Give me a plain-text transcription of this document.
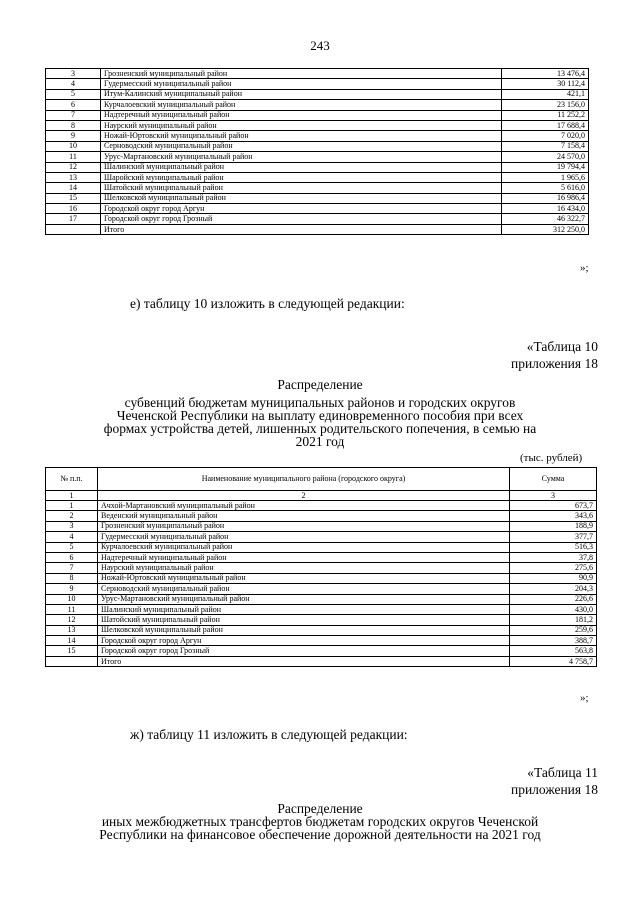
243
3	Грозненский муниципальный район	13 476,4
4	Гудермесский муниципальный район	30 112,4
5	Итум-Калинский муниципальный район	421,1
6	Курчалоевский муниципальный район	23 156,0
7	Надтеречный муниципальный район	11 252,2
8	Наурский муниципальный район	17 688,4
9	Ножай-Юртовский муниципальный район	7 020,0
10	Серноводский муниципальный район	7 158,4
11	Урус-Мартановский муниципальный район	24 570,0
12	Шалинский муниципальный район	19 794,4
13	Шаройский муниципальный район	1 965,6
14	Шатойский муниципальный район	5 616,0
15	Шелковской муниципальный район	16 986,4
16	Городской округ город Аргун	16 434,0
17	Городской округ город Грозный	46 322,7
	Итого	312 250,0
»;
е) таблицу 10 изложить в следующей редакции:
«Таблица 10
приложения 18
Распределение
субвенций бюджетам муниципальных районов и городских округов
Чеченской Республики на выплату единовременного пособия при всех
формах устройства детей, лишенных родительского попечения, в семью на
2021 год
(тыс. рублей)
№ п.п.	Наименование муниципального района (городского округа)	Сумма
1	2	3
1	Ачхой-Мартановский муниципальный район	673,7
2	Веденский муниципальный район	343,6
3	Грозненский муниципальный район	188,9
4	Гудермесский муниципальный район	377,7
5	Курчалоевский муниципальный район	516,3
6	Надтеречный муниципальный район	37,8
7	Наурский муниципальный район	275,6
8	Ножай-Юртовский муниципальный район	90,9
9	Серноводский муниципальный район	204,3
10	Урус-Мартановский муниципальный район	226,6
11	Шалинский муниципальный район	430,0
12	Шатойский муниципальный район	181,2
13	Шелковской муниципальный район	259,6
14	Городской округ город Аргун	388,7
15	Городской округ город Грозный	563,8
	Итого	4 758,7
»;
ж) таблицу 11 изложить в следующей редакции:
«Таблица 11
приложения 18
Распределение
иных межбюджетных трансфертов бюджетам городских округов Чеченской
Республики на финансовое обеспечение дорожной деятельности на 2021 год
